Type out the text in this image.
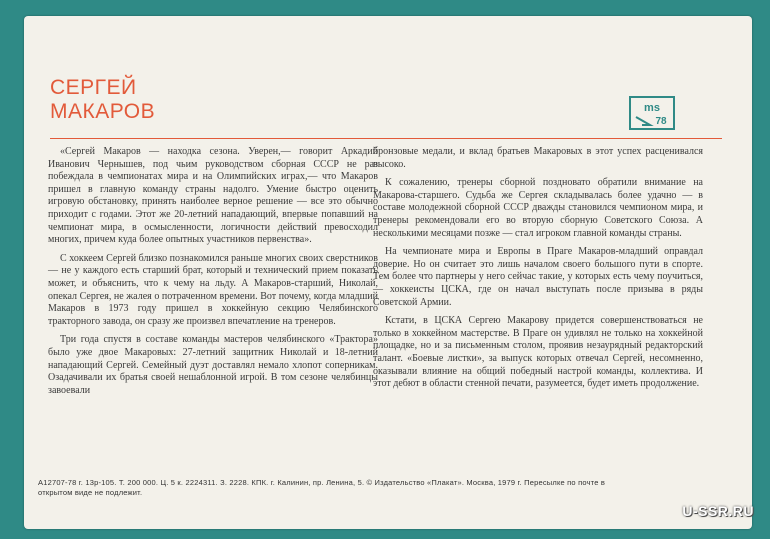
СЕРГЕЙ
МАКАРОВ	ms
78

«Сергей Макаров — находка сезона. Уверен,— говорит Аркадий Иванович Чернышев, под чьим руководством сборная СССР не раз побеждала в чемпионатах мира и на Олимпийских играх,— что Макаров пришел в главную команду страны надолго. Умение быстро оценить игровую обстановку, принять наиболее верное решение — все это обычно приходит с годами. Этот же 20-летний нападающий, впервые попавший на чемпионат мира, в осмысленности, логичности действий превосходил многих, причем куда более опытных участников первенства».

С хоккеем Сергей близко познакомился раньше многих своих сверстников — не у каждого есть старший брат, который и технический прием показать может, и объяснить, что к чему на льду. А Макаров-старший, Николай, опекал Сергея, не жалея о потраченном времени. Вот почему, когда младший Макаров в 1973 году пришел в хоккейную секцию Челябинского тракторного завода, он сразу же произвел впечатление на тренеров.

Три года спустя в составе команды мастеров челябинского «Трактора» было уже двое Макаровых: 27-летний защитник Николай и 18-летний нападающий Сергей. Семейный дуэт доставлял немало хлопот соперникам. Озадачивали их братья своей нешаблонной игрой. В том сезоне челябинцы завоевали

бронзовые медали, и вклад братьев Макаровых в этот успех расценивался высоко.

К сожалению, тренеры сборной поздновато обратили внимание на Макарова-старшего. Судьба же Сергея складывалась более удачно — в составе молодежной сборной СССР дважды становился чемпионом мира, и тренеры рекомендовали его во вторую сборную Советского Союза. А несколькими месяцами позже — стал игроком главной команды страны.

На чемпионате мира и Европы в Праге Макаров-младший оправдал доверие. Но он считает это лишь началом своего большого пути в спорте. Тем более что партнеры у него сейчас такие, у которых есть чему поучиться,— хоккеисты ЦСКА, где он начал выступать после призыва в ряды Советской Армии.

Кстати, в ЦСКА Сергею Макарову придется совершенствоваться не только в хоккейном мастерстве. В Праге он удивлял не только на хоккейной площадке, но и за письменным столом, проявив незаурядный редакторский талант. «Боевые листки», за выпуск которых отвечал Сергей, несомненно, оказывали влияние на общий победный настрой команды, коллектива. И этот дебют в области стенной печати, разумеется, будет иметь продолжение.

А12707-78 г. 13р-105. Т. 200 000. Ц. 5 к. 2224311. З. 2228. КПК. г. Калинин, пр. Ленина, 5. © Издательство «Плакат». Москва, 1979 г. Пересылке по почте в
открытом виде не подлежит.
U-SSR.RU
